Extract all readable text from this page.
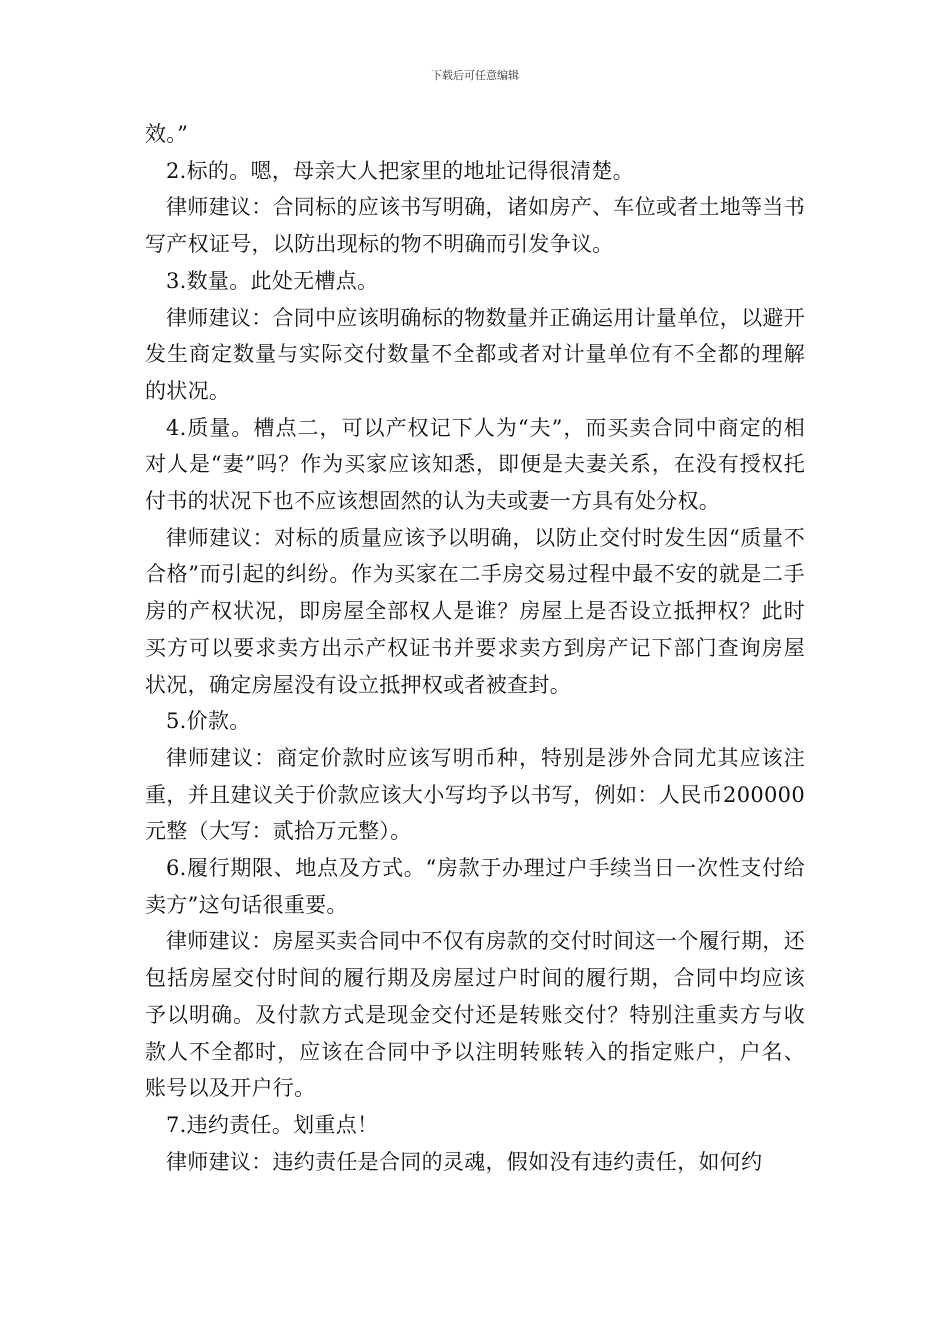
下载后可任意编辑

效。”

2.标的。嗯，母亲大人把家里的地址记得很清楚。

律师建议：合同标的应该书写明确，诸如房产、车位或者土地等当书写产权证号，以防出现标的物不明确而引发争议。

3.数量。此处无槽点。

律师建议：合同中应该明确标的物数量并正确运用计量单位，以避开发生商定数量与实际交付数量不全都或者对计量单位有不全都的理解的状况。

4.质量。槽点二，可以产权记下人为“夫”，而买卖合同中商定的相对人是“妻”吗？作为买家应该知悉，即便是夫妻关系，在没有授权托付书的状况下也不应该想固然的认为夫或妻一方具有处分权。

律师建议：对标的质量应该予以明确，以防止交付时发生因“质量不合格”而引起的纠纷。作为买家在二手房交易过程中最不安的就是二手房的产权状况，即房屋全部权人是谁？房屋上是否设立抵押权？此时买方可以要求卖方出示产权证书并要求卖方到房产记下部门查询房屋状况，确定房屋没有设立抵押权或者被查封。

5.价款。

律师建议：商定价款时应该写明币种，特别是涉外合同尤其应该注重，并且建议关于价款应该大小写均予以书写，例如：人民币200000元整（大写：贰拾万元整）。

6.履行期限、地点及方式。“房款于办理过户手续当日一次性支付给卖方”这句话很重要。

律师建议：房屋买卖合同中不仅有房款的交付时间这一个履行期，还包括房屋交付时间的履行期及房屋过户时间的履行期，合同中均应该予以明确。及付款方式是现金交付还是转账交付？特别注重卖方与收款人不全都时，应该在合同中予以注明转账转入的指定账户，户名、账号以及开户行。

7.违约责任。划重点！

律师建议：违约责任是合同的灵魂，假如没有违约责任，如何约
